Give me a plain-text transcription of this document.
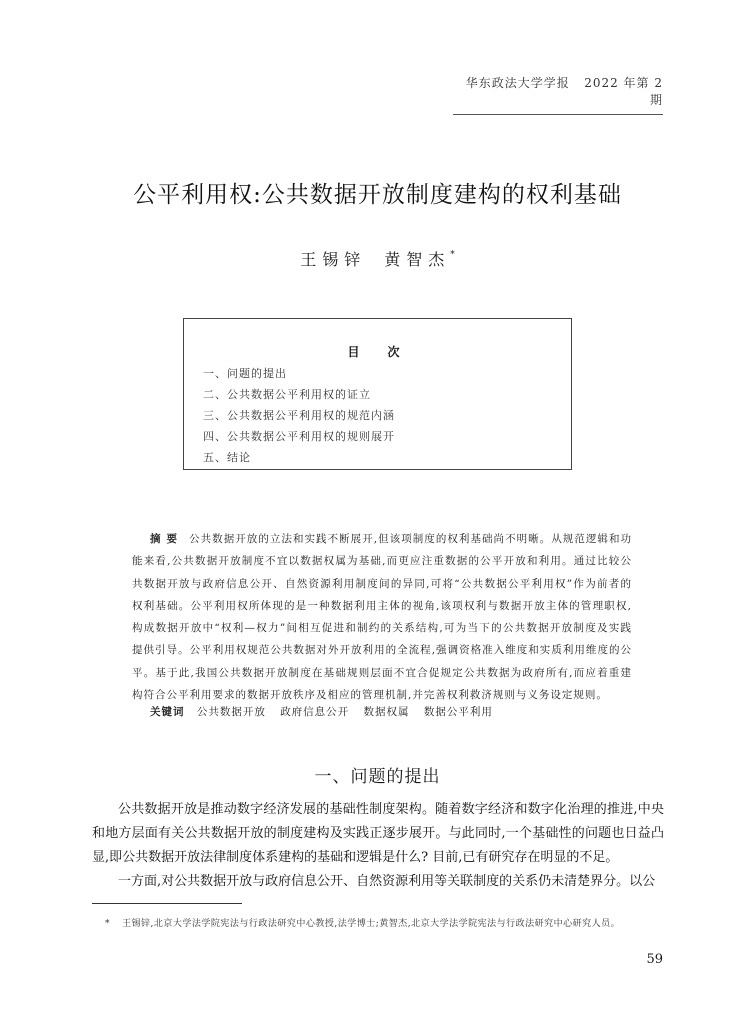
华东政法大学学报 2022 年第 2 期
公平利用权:公共数据开放制度建构的权利基础
王锡锌 黄智杰*
目　次
一、问题的提出
二、公共数据公平利用权的证立
三、公共数据公平利用权的规范内涵
四、公共数据公平利用权的规则展开
五、结论
摘要 公共数据开放的立法和实践不断展开,但该项制度的权利基础尚不明晰。从规范逻辑和功能来看,公共数据开放制度不宜以数据权属为基础,而更应注重数据的公平开放和利用。通过比较公共数据开放与政府信息公开、自然资源利用制度间的异同,可将“公共数据公平利用权”作为前者的权利基础。公平利用权所体现的是一种数据利用主体的视角,该项权利与数据开放主体的管理职权,构成数据开放中“权利—权力”间相互促进和制约的关系结构,可为当下的公共数据开放制度及实践提供引导。公平利用权规范公共数据对外开放利用的全流程,强调资格准入维度和实质利用维度的公平。基于此,我国公共数据开放制度在基础规则层面不宜合促规定公共数据为政府所有,而应着重建构符合公平利用要求的数据开放秩序及相应的管理机制,并完善权利救济规则与义务设定规则。
关键词 公共数据开放 政府信息公开 数据权属 数据公平利用
一、问题的提出

公共数据开放是推动数字经济发展的基础性制度架构。随着数字经济和数字化治理的推进,中央和地方层面有关公共数据开放的制度建构及实践正逐步展开。与此同时,一个基础性的问题也日益凸显,即公共数据开放法律制度体系建构的基础和逻辑是什么? 目前,已有研究存在明显的不足。

一方面,对公共数据开放与政府信息公开、自然资源利用等关联制度的关系仍未清楚界分。以公

* 王锡锌,北京大学法学院宪法与行政法研究中心教授,法学博士;黄智杰,北京大学法学院宪法与行政法研究中心研究人员。
59
